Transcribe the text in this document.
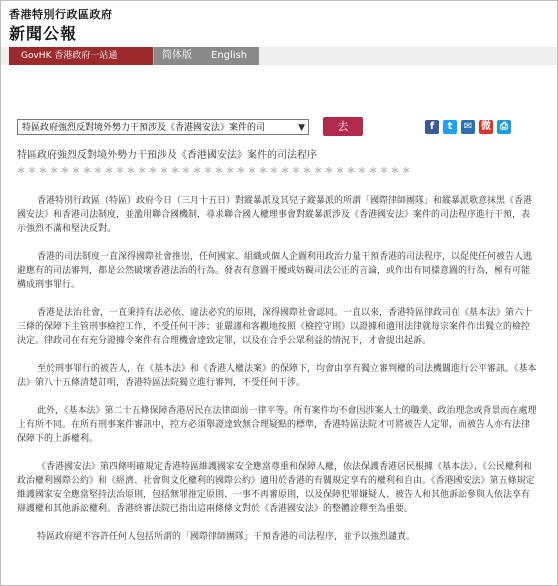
香港特別行政區政府
新聞公報
GovHK 香港政府一站通	简体版	English
特區政府強烈反對境外勢力干預涉及《香港國安法》案件的司	▼	去	f	t	✉ 微 ⎙

特區政府強烈反對境外勢力干預涉及《香港國安法》案件的司法程序

＊＊＊＊＊＊＊＊＊＊＊＊＊＊＊＊＊＊＊＊＊＊＊＊＊＊＊＊＊＊＊＊＊＊＊＊

香港特別行政區（特區）政府今日（三月十五日）對縱暴派及其兒子縱暴派的所謂「國際律師團隊」和縱暴派歌意抹黑《香港國安法》和香港司法制度，並濫用聯合國機制，尋求聯合國人權理事會對縱暴派涉及《香港國安法》案件的司法程序進行干預，表示強烈不滿和堅決反對。

香港的司法制度一直深得國際社會推崇，任何國家、組織或個人企圖利用政治力量干預香港的司法程序，以促使任何被告人逃避應有的司法審判，都是公然破壞香港法治的行為。發表有意圖干擾或妨礙司法公正的言論，或作出有同樣意圖的行為，極有可能構成刑事罪行。

香港是法治社會，一直秉持有法必依、違法必究的原則，深得國際社會認同。一直以來，香港特區律政司在《基本法》第六十三條的保障下主管刑事檢控工作，不受任何干涉；並嚴謹和客觀地按照《檢控守則》以證據和適用法律就每宗案件作出獨立的檢控決定。律政司在有充分證據令案件有合理機會達致定罪，以及在合乎公眾利益的情況下，才會提出起訴。

至於刑事罪行的被告人，在《基本法》和《香港人權法案》的保障下，均會由享有獨立審判權的司法機關進行公平審訊。《基本法》第八十五條清楚訂明，香港特區法院獨立進行審判，不受任何干涉。

此外，《基本法》第二十五條保障香港居民在法律面前一律平等。所有案件均不會因涉案人士的職業、政治理念或背景而在處理上有所不同。在所有刑事案件審訊中，控方必須舉證達致無合理疑點的標準，香港特區法院才可將被告人定罪，而被告人亦有法律保障下的上訴權利。

《香港國安法》第四條明確規定香港特區維護國家安全應當尊重和保障人權，依法保護香港居民根據《基本法》、《公民權利和政治權利國際公約》和《經濟、社會與文化權利的國際公約》適用於香港的有關規定享有的權利和自由。《香港國安法》第五條規定維護國家安全應當堅持法治原則，包括無罪推定原則、一事不再審原則，以及保障犯罪嫌疑人、被告人和其他訴訟參與人依法享有辯護權和其他訴訟權利。香港終審法院已指出這兩條條文對於《香港國安法》的整體詮釋至為重要。

特區政府絕不容許任何人包括所謂的「國際律師團隊」干預香港的司法程序，並予以強烈譴責。
